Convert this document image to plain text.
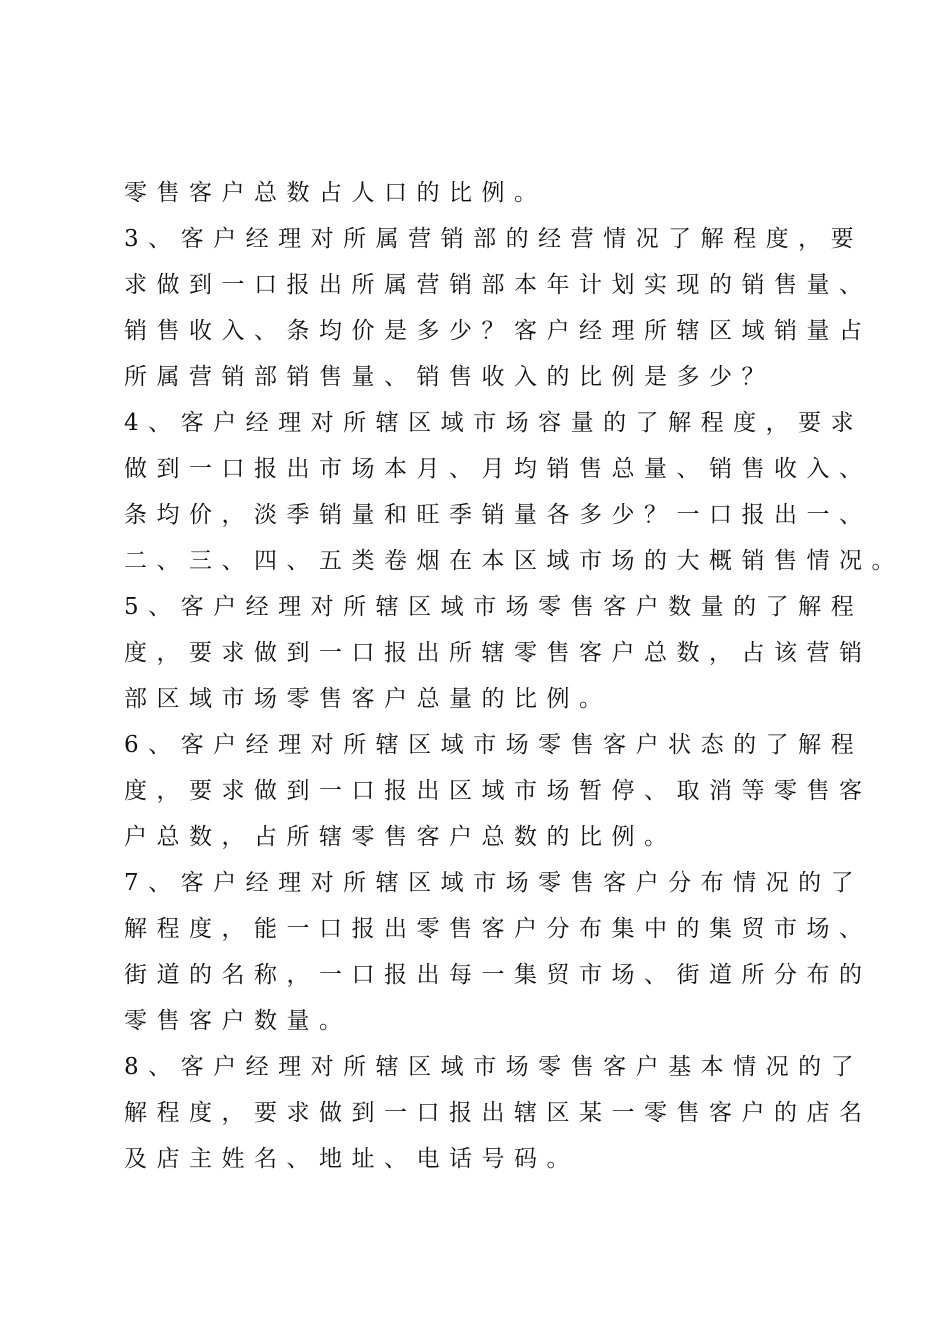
零售客户总数占人口的比例。
3、客户经理对所属营销部的经营情况了解程度，要
求做到一口报出所属营销部本年计划实现的销售量、
销售收入、条均价是多少？客户经理所辖区域销量占
所属营销部销售量、销售收入的比例是多少？
4、客户经理对所辖区域市场容量的了解程度，要求
做到一口报出市场本月、月均销售总量、销售收入、
条均价，淡季销量和旺季销量各多少？一口报出一、
二、三、四、五类卷烟在本区域市场的大概销售情况。
5、客户经理对所辖区域市场零售客户数量的了解程
度，要求做到一口报出所辖零售客户总数，占该营销
部区域市场零售客户总量的比例。
6、客户经理对所辖区域市场零售客户状态的了解程
度，要求做到一口报出区域市场暂停、取消等零售客
户总数，占所辖零售客户总数的比例。
7、客户经理对所辖区域市场零售客户分布情况的了
解程度，能一口报出零售客户分布集中的集贸市场、
街道的名称，一口报出每一集贸市场、街道所分布的
零售客户数量。
8、客户经理对所辖区域市场零售客户基本情况的了
解程度，要求做到一口报出辖区某一零售客户的店名
及店主姓名、地址、电话号码。
